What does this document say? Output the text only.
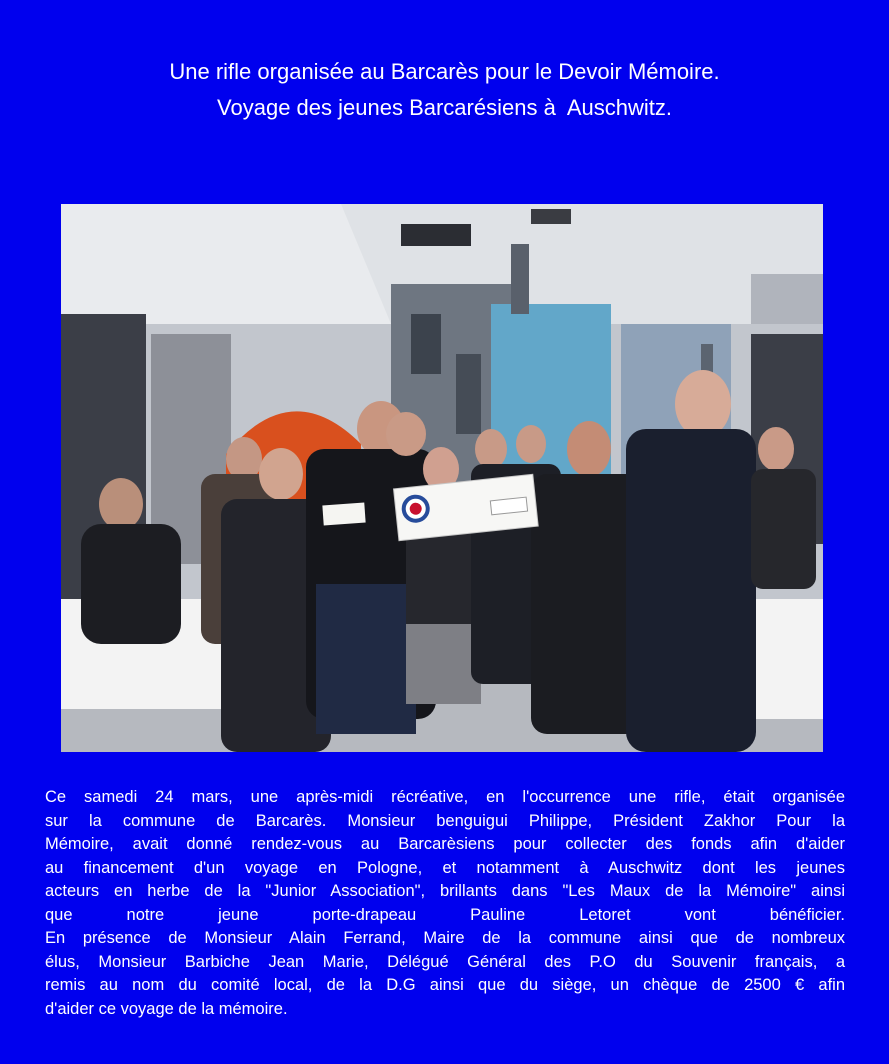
Une rifle organisée au Barcarès pour le Devoir Mémoire.
Voyage des jeunes Barcarésiens à  Auschwitz.
Ce samedi 24 mars, une après-midi récréative, en l'occurrence une rifle, était organisée
sur la commune de Barcarès. Monsieur benguigui Philippe, Président Zakhor Pour la
Mémoire, avait donné rendez-vous au Barcarèsiens pour collecter des fonds afin d'aider
au financement d'un voyage en Pologne, et notamment à Auschwitz dont les jeunes
acteurs en herbe de la "Junior Association", brillants dans "Les Maux de la Mémoire" ainsi
que notre jeune porte-drapeau Pauline Letoret vont bénéficier.
En présence de Monsieur Alain Ferrand, Maire de la commune ainsi que de nombreux
élus, Monsieur Barbiche Jean Marie, Délégué Général des P.O du Souvenir français, a
remis au nom du comité local, de la D.G ainsi que du siège, un chèque de 2500 € afin
d'aider ce voyage de la mémoire.
